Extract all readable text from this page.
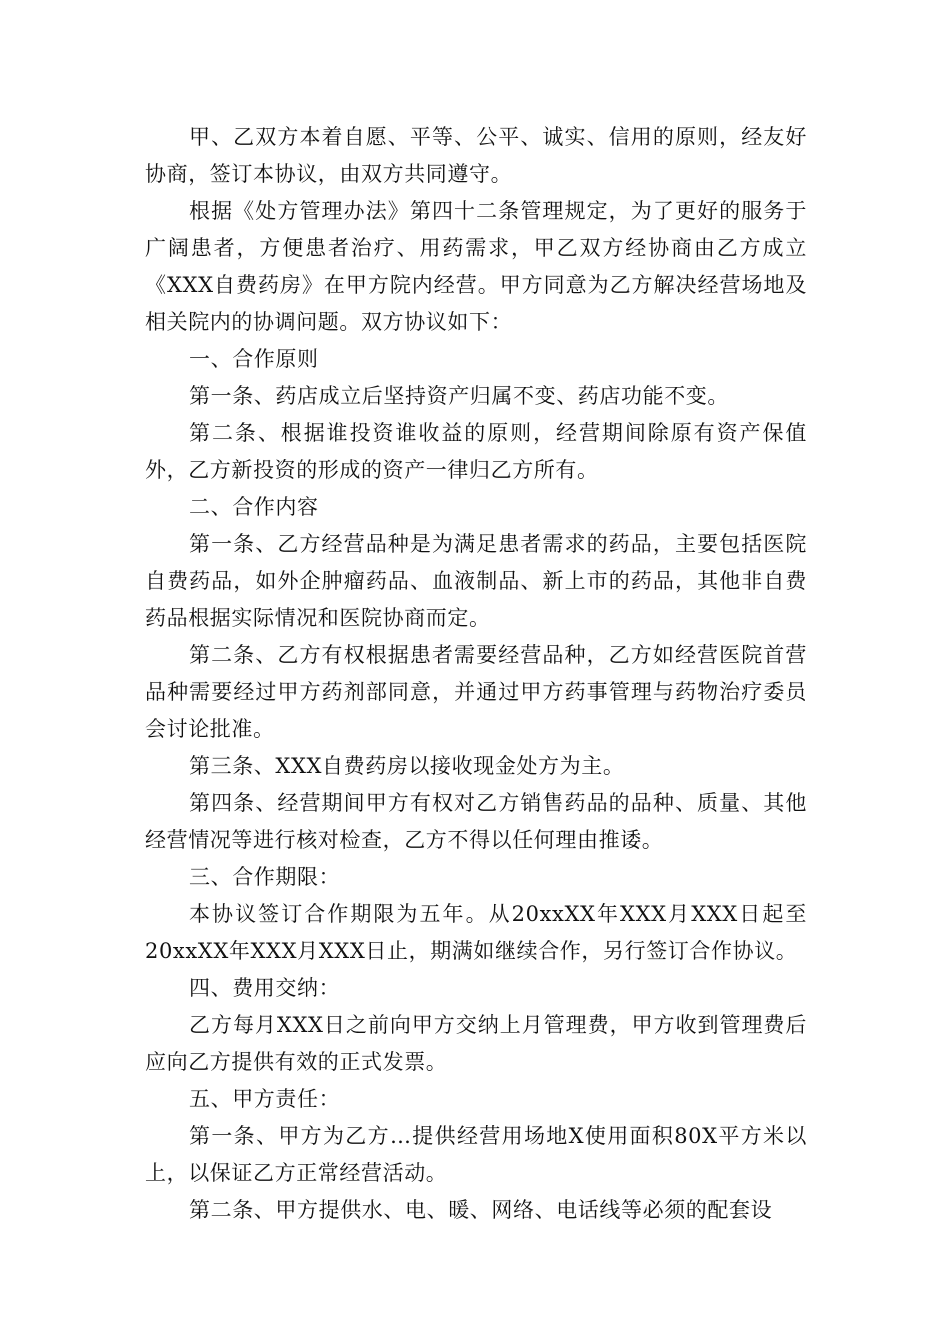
甲、乙双方本着自愿、平等、公平、诚实、信用的原则，经友好协商，签订本协议，由双方共同遵守。

根据《处方管理办法》第四十二条管理规定，为了更好的服务于广阔患者，方便患者治疗、用药需求，甲乙双方经协商由乙方成立《XXX自费药房》在甲方院内经营。甲方同意为乙方解决经营场地及相关院内的协调问题。双方协议如下：

一、合作原则

第一条、药店成立后坚持资产归属不变、药店功能不变。

第二条、根据谁投资谁收益的原则，经营期间除原有资产保值外，乙方新投资的形成的资产一律归乙方所有。

二、合作内容

第一条、乙方经营品种是为满足患者需求的药品，主要包括医院自费药品，如外企肿瘤药品、血液制品、新上市的药品，其他非自费药品根据实际情况和医院协商而定。

第二条、乙方有权根据患者需要经营品种，乙方如经营医院首营品种需要经过甲方药剂部同意，并通过甲方药事管理与药物治疗委员会讨论批准。

第三条、XXX自费药房以接收现金处方为主。

第四条、经营期间甲方有权对乙方销售药品的品种、质量、其他经营情况等进行核对检查，乙方不得以任何理由推诿。

三、合作期限：

本协议签订合作期限为五年。从20xxXX年XXX月XXX日起至20xxXX年XXX月XXX日止，期满如继续合作，另行签订合作协议。

四、费用交纳：

乙方每月XXX日之前向甲方交纳上月管理费，甲方收到管理费后应向乙方提供有效的正式发票。

五、甲方责任：

第一条、甲方为乙方…提供经营用场地X使用面积80X平方米以上，以保证乙方正常经营活动。

第二条、甲方提供水、电、暖、网络、电话线等必须的配套设
